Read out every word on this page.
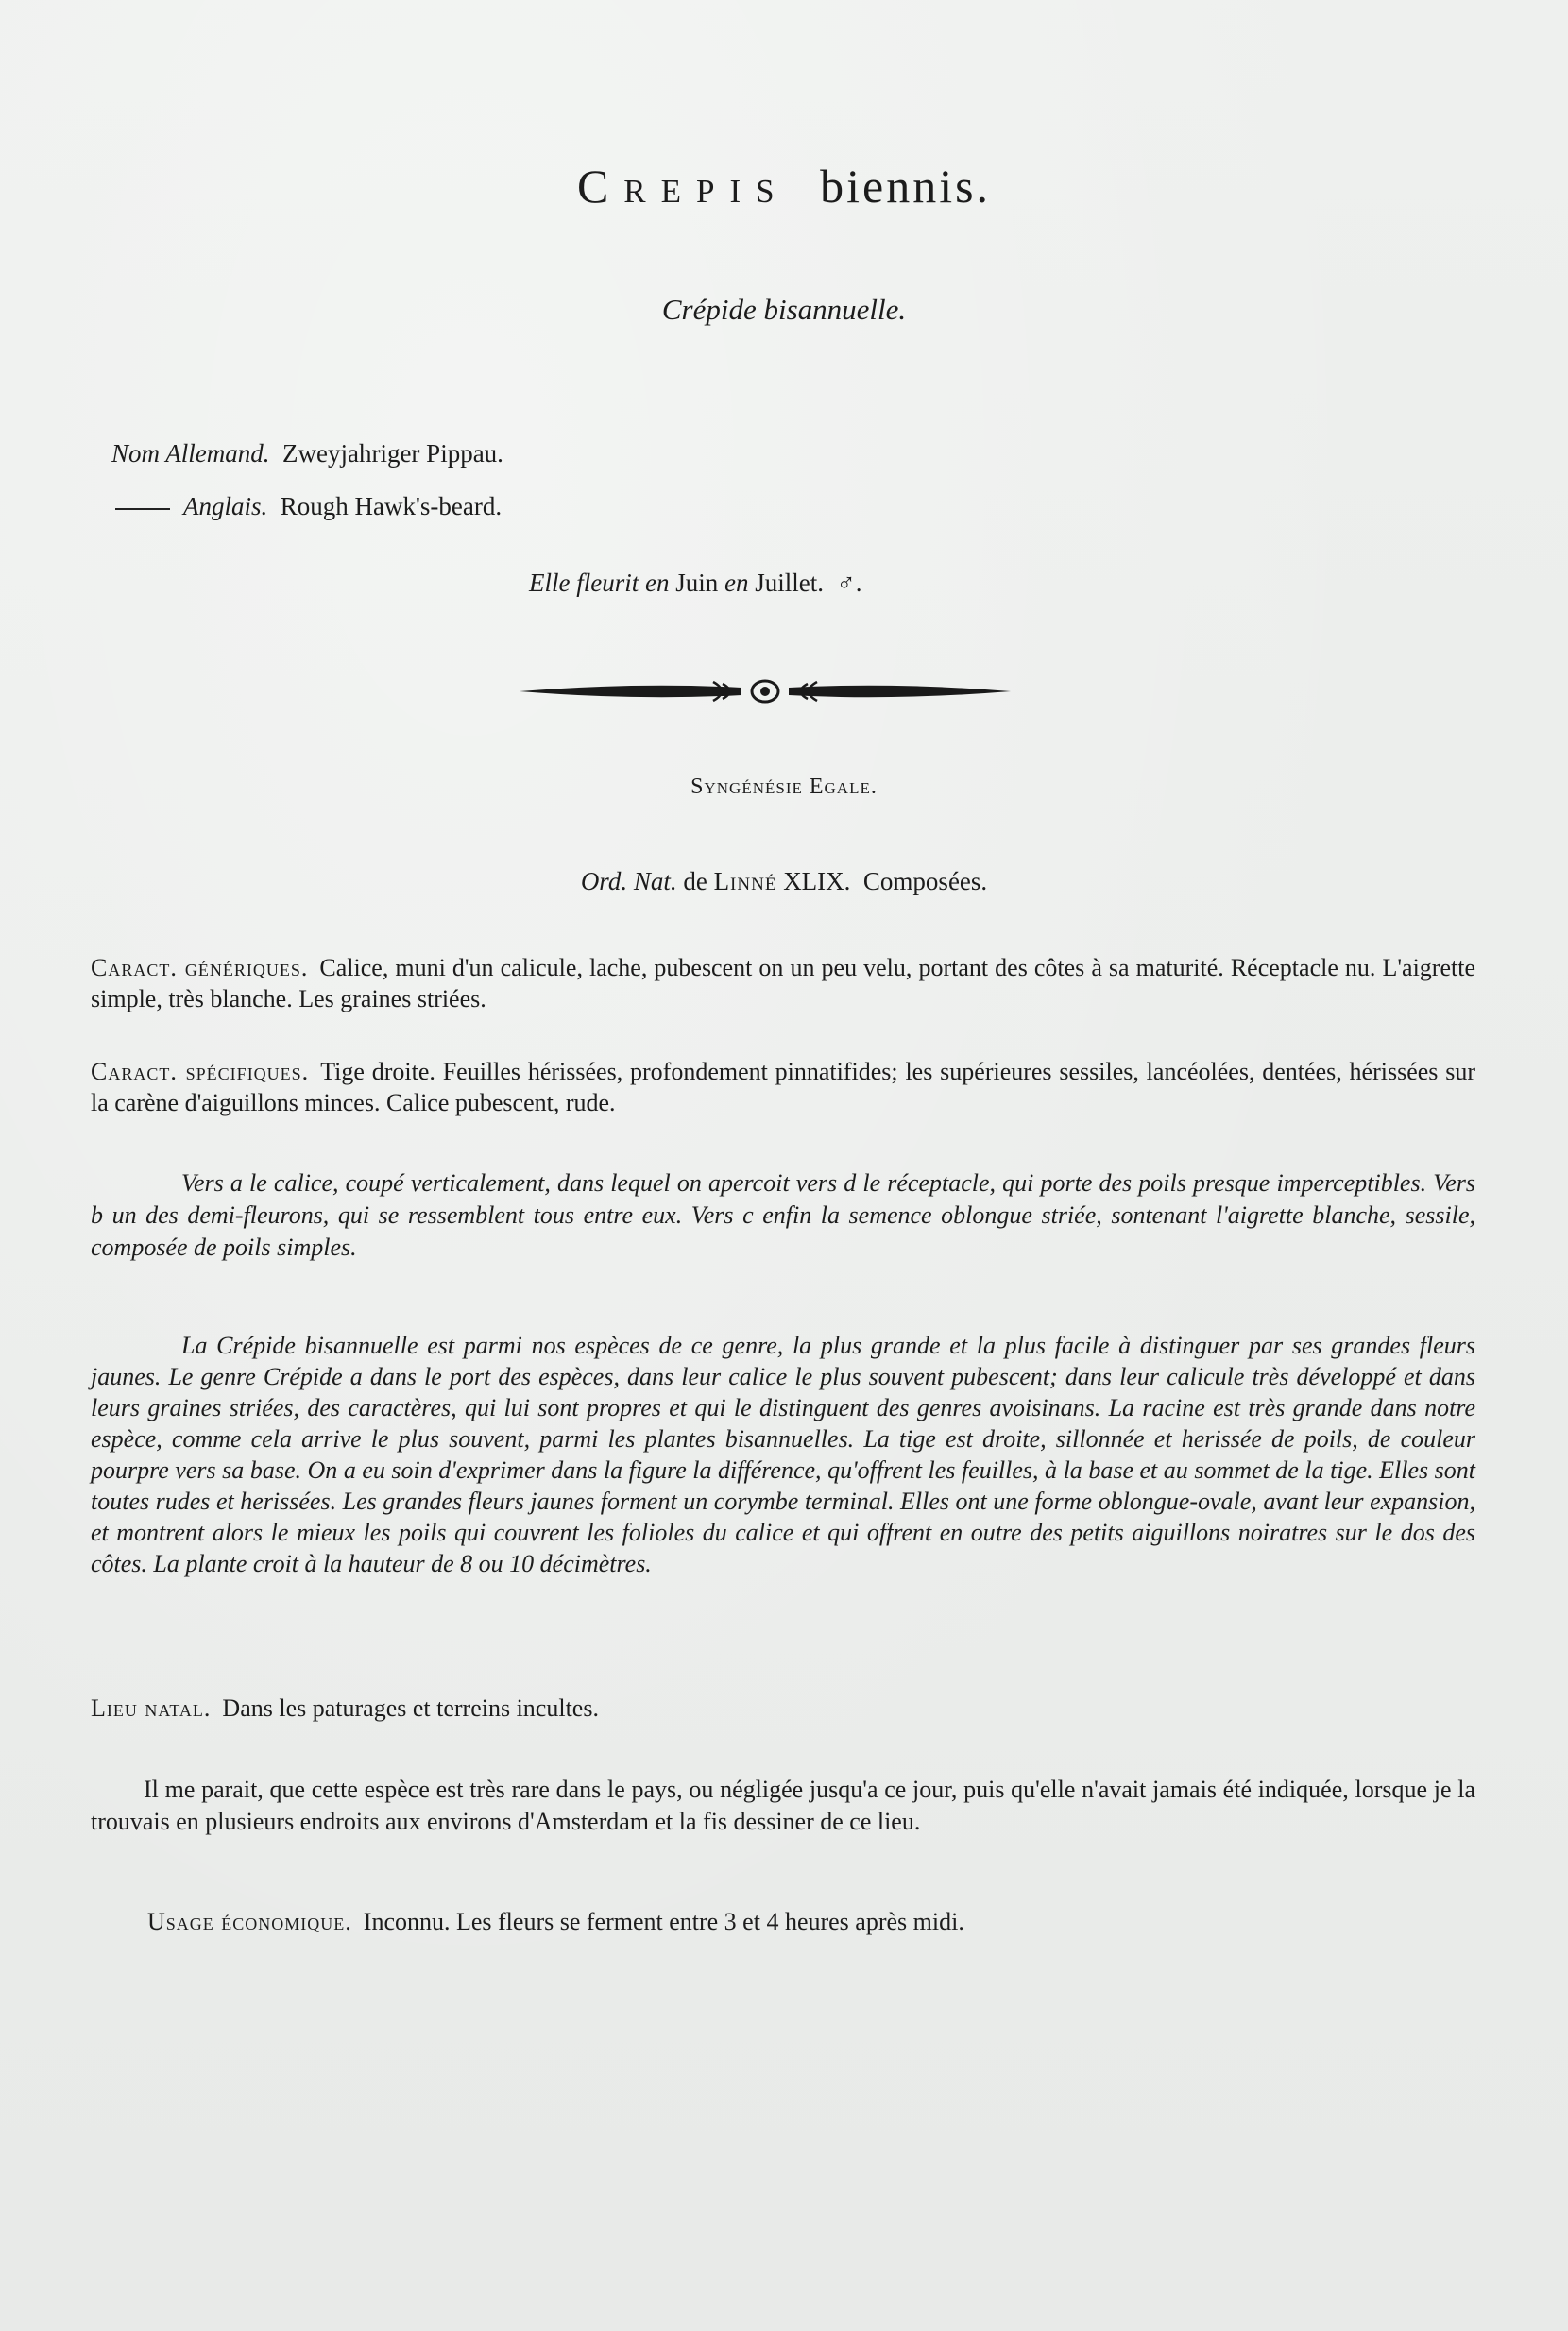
Crepis biennis.
Crépide bisannuelle.
Nom Allemand. Zweyjahriger Pippau.
Anglais. Rough Hawk's-beard.
Elle fleurit en Juin en Juillet. ♂.
Syngénésie Egale.
Ord. Nat. de Linné XLIX. Composées.
Caract. génériques. Calice, muni d'un calicule, lache, pubescent on un peu velu, portant des côtes à sa maturité. Réceptacle nu. L'aigrette simple, très blanche. Les graines striées.
Caract. spécifiques. Tige droite. Feuilles hérissées, profondement pinnatifides; les supérieures sessiles, lancéolées, dentées, hérissées sur la carène d'aiguillons minces. Calice pubescent, rude.
Vers a le calice, coupé verticalement, dans lequel on apercoit vers d le réceptacle, qui porte des poils presque imperceptibles. Vers b un des demi-fleurons, qui se ressemblent tous entre eux. Vers c enfin la semence oblongue striée, sontenant l'aigrette blanche, sessile, composée de poils simples.
La Crépide bisannuelle est parmi nos espèces de ce genre, la plus grande et la plus facile à distinguer par ses grandes fleurs jaunes. Le genre Crépide a dans le port des espèces, dans leur calice le plus souvent pubescent; dans leur calicule très développé et dans leurs graines striées, des caractères, qui lui sont propres et qui le distinguent des genres avoisinans. La racine est très grande dans notre espèce, comme cela arrive le plus souvent, parmi les plantes bisannuelles. La tige est droite, sillonnée et herissée de poils, de couleur pourpre vers sa base. On a eu soin d'exprimer dans la figure la différence, qu'offrent les feuilles, à la base et au sommet de la tige. Elles sont toutes rudes et herissées. Les grandes fleurs jaunes forment un corymbe terminal. Elles ont une forme oblongue-ovale, avant leur expansion, et montrent alors le mieux les poils qui couvrent les folioles du calice et qui offrent en outre des petits aiguillons noiratres sur le dos des côtes. La plante croit à la hauteur de 8 ou 10 décimètres.
Lieu natal. Dans les paturages et terreins incultes.
Il me parait, que cette espèce est très rare dans le pays, ou négligée jusqu'a ce jour, puis qu'elle n'avait jamais été indiquée, lorsque je la trouvais en plusieurs endroits aux environs d'Amsterdam et la fis dessiner de ce lieu.
Usage économique. Inconnu. Les fleurs se ferment entre 3 et 4 heures après midi.
